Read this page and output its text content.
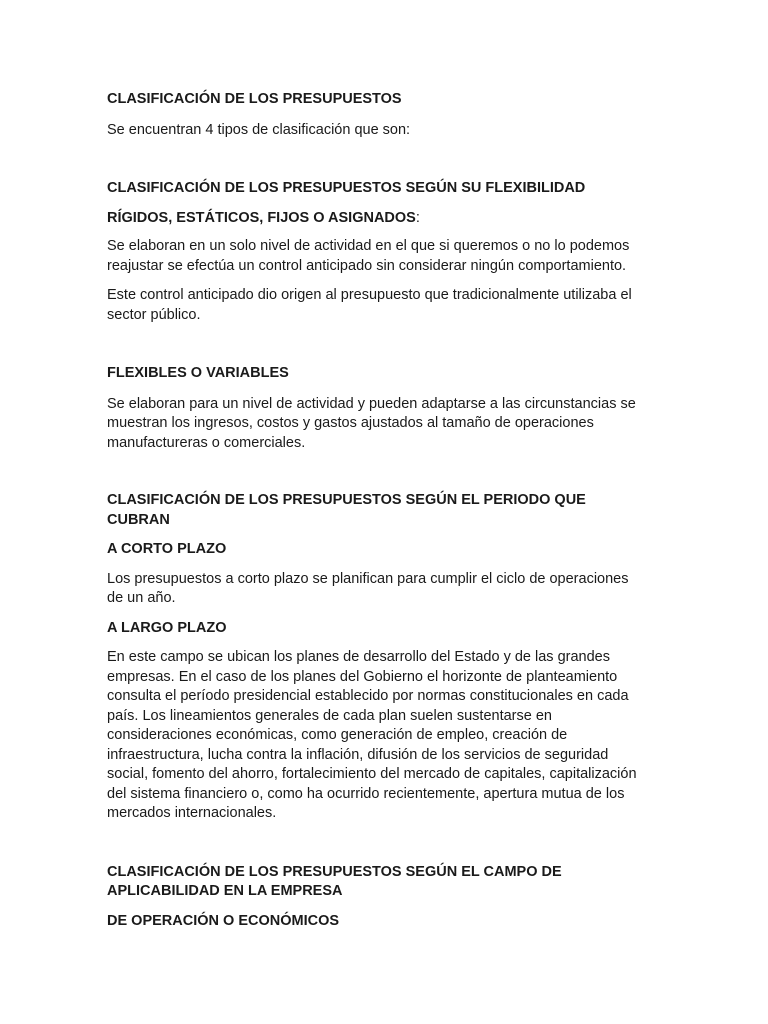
CLASIFICACIÓN DE LOS PRESUPUESTOS

Se encuentran 4 tipos de clasificación que son:

CLASIFICACIÓN DE LOS PRESUPUESTOS SEGÚN SU FLEXIBILIDAD

RÍGIDOS, ESTÁTICOS, FIJOS O ASIGNADOS:

Se elaboran en un solo nivel de actividad en el que si queremos o no lo podemos
reajustar se efectúa un control anticipado sin considerar ningún comportamiento.

Este control anticipado dio origen al presupuesto que tradicionalmente utilizaba el
sector público.

FLEXIBLES O VARIABLES

Se elaboran para un nivel de actividad y pueden adaptarse a las circunstancias se
muestran los ingresos, costos y gastos ajustados al tamaño de operaciones
manufactureras o comerciales.

CLASIFICACIÓN DE LOS PRESUPUESTOS SEGÚN EL PERIODO QUE
CUBRAN

A CORTO PLAZO

Los presupuestos a corto plazo se planifican para cumplir el ciclo de operaciones
de un año.

A LARGO PLAZO

En este campo se ubican los planes de desarrollo del Estado y de las grandes
empresas. En el caso de los planes del Gobierno el horizonte de planteamiento
consulta el período presidencial establecido por normas constitucionales en cada
país. Los lineamientos generales de cada plan suelen sustentarse en
consideraciones económicas, como generación de empleo, creación de
infraestructura, lucha contra la inflación, difusión de los servicios de seguridad
social, fomento del ahorro, fortalecimiento del mercado de capitales, capitalización
del sistema financiero o, como ha ocurrido recientemente, apertura mutua de los
mercados internacionales.

CLASIFICACIÓN DE LOS PRESUPUESTOS SEGÚN EL CAMPO DE
APLICABILIDAD EN LA EMPRESA

DE OPERACIÓN O ECONÓMICOS
